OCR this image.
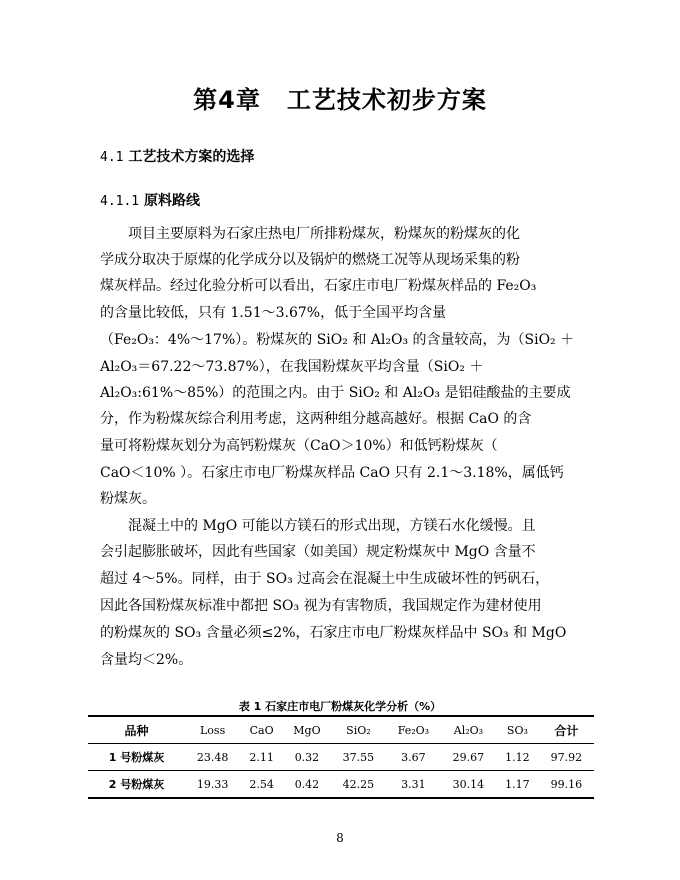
第4章 工艺技术初步方案
4.1 工艺技术方案的选择
4.1.1 原料路线
项目主要原料为石家庄热电厂所排粉煤灰，粉煤灰的粉煤灰的化
学成分取决于原煤的化学成分以及锅炉的燃烧工况等从现场采集的粉
煤灰样品。经过化验分析可以看出，石家庄市电厂粉煤灰样品的 Fe₂O₃
的含量比较低，只有 1.51～3.67%，低于全国平均含量
（Fe₂O₃：4%～17%）。粉煤灰的 SiO₂ 和 Al₂O₃ 的含量较高，为（SiO₂ ＋
Al₂O₃＝67.22～73.87%），在我国粉煤灰平均含量（SiO₂ ＋
Al₂O₃:61%～85%）的范围之内。由于 SiO₂ 和 Al₂O₃ 是铝硅酸盐的主要成
分，作为粉煤灰综合利用考虑，这两种组分越高越好。根据 CaO 的含
量可将粉煤灰划分为高钙粉煤灰（CaO＞10%）和低钙粉煤灰（
CaO＜10% ）。石家庄市电厂粉煤灰样品 CaO 只有 2.1～3.18%，属低钙
粉煤灰。
混凝土中的 MgO 可能以方镁石的形式出现，方镁石水化缓慢。且
会引起膨胀破坏，因此有些国家（如美国）规定粉煤灰中 MgO 含量不
超过 4～5%。同样，由于 SO₃ 过高会在混凝土中生成破坏性的钙矾石，
因此各国粉煤灰标准中都把 SO₃ 视为有害物质，我国规定作为建材使用
的粉煤灰的 SO₃ 含量必须≤2%，石家庄市电厂粉煤灰样品中 SO₃ 和 MgO
含量均＜2%。
表 1 石家庄市电厂粉煤灰化学分析（%）
品种	Loss	CaO	MgO	SiO₂	Fe₂O₃	Al₂O₃	SO₃	合计
1 号粉煤灰	23.48	2.11	0.32	37.55	3.67	29.67	1.12	97.92
2 号粉煤灰	19.33	2.54	0.42	42.25	3.31	30.14	1.17	99.16
8
